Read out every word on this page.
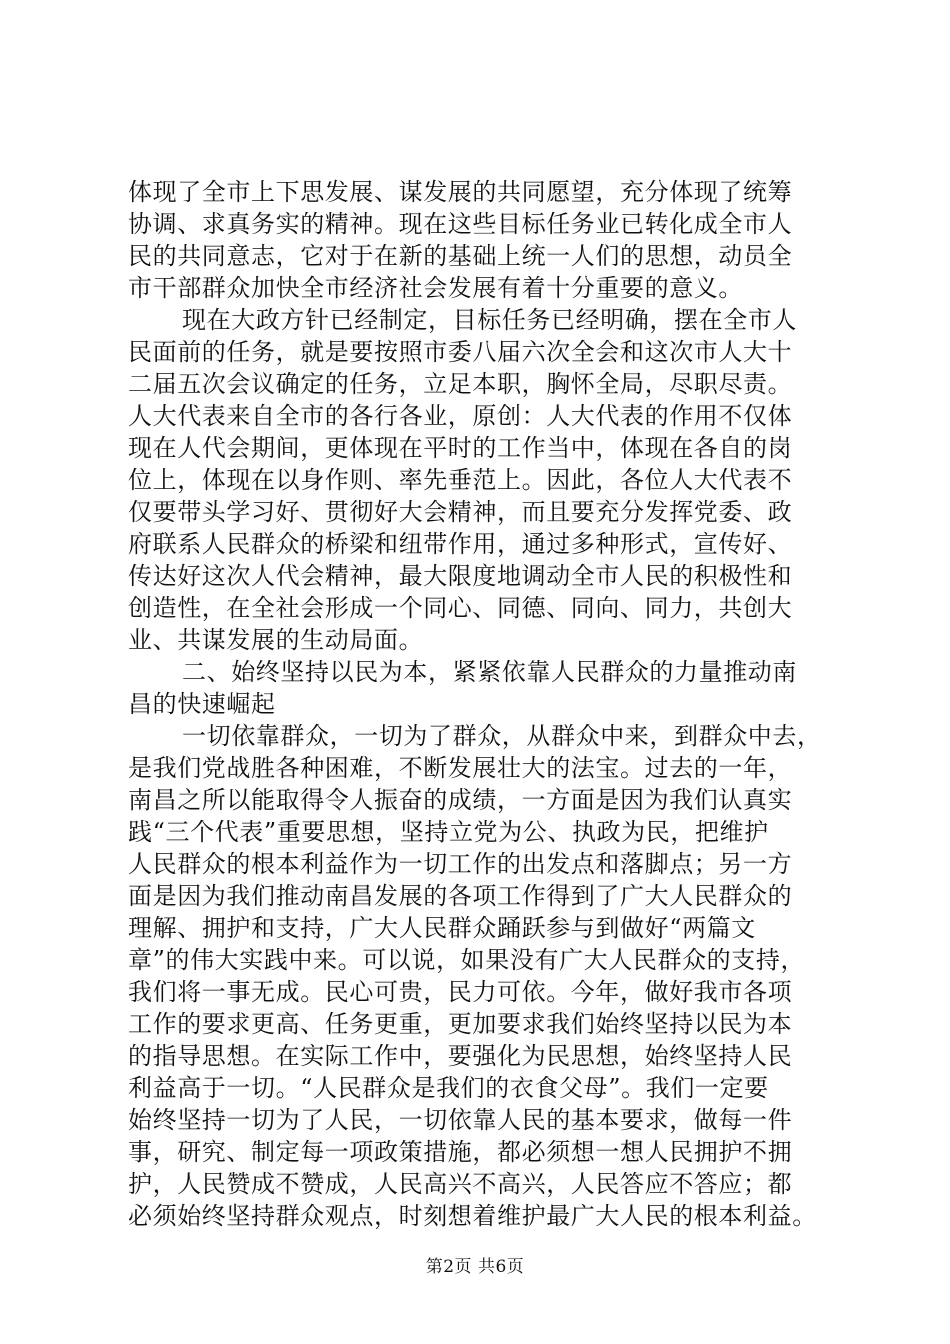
体现了全市上下思发展、谋发展的共同愿望，充分体现了统筹
协调、求真务实的精神。现在这些目标任务业已转化成全市人
民的共同意志，它对于在新的基础上统一人们的思想，动员全
市干部群众加快全市经济社会发展有着十分重要的意义。
现在大政方针已经制定，目标任务已经明确，摆在全市人
民面前的任务，就是要按照市委八届六次全会和这次市人大十
二届五次会议确定的任务，立足本职，胸怀全局，尽职尽责。
人大代表来自全市的各行各业，原创：人大代表的作用不仅体
现在人代会期间，更体现在平时的工作当中，体现在各自的岗
位上，体现在以身作则、率先垂范上。因此，各位人大代表不
仅要带头学习好、贯彻好大会精神，而且要充分发挥党委、政
府联系人民群众的桥梁和纽带作用，通过多种形式，宣传好、
传达好这次人代会精神，最大限度地调动全市人民的积极性和
创造性，在全社会形成一个同心、同德、同向、同力，共创大
业、共谋发展的生动局面。
二、始终坚持以民为本，紧紧依靠人民群众的力量推动南
昌的快速崛起
一切依靠群众，一切为了群众，从群众中来，到群众中去，
是我们党战胜各种困难，不断发展壮大的法宝。过去的一年，
南昌之所以能取得令人振奋的成绩，一方面是因为我们认真实
践“三个代表”重要思想，坚持立党为公、执政为民，把维护
人民群众的根本利益作为一切工作的出发点和落脚点；另一方
面是因为我们推动南昌发展的各项工作得到了广大人民群众的
理解、拥护和支持，广大人民群众踊跃参与到做好“两篇文
章”的伟大实践中来。可以说，如果没有广大人民群众的支持，
我们将一事无成。民心可贵，民力可依。今年，做好我市各项
工作的要求更高、任务更重，更加要求我们始终坚持以民为本
的指导思想。在实际工作中，要强化为民思想，始终坚持人民
利益高于一切。“人民群众是我们的衣食父母”。我们一定要
始终坚持一切为了人民，一切依靠人民的基本要求，做每一件
事，研究、制定每一项政策措施，都必须想一想人民拥护不拥
护，人民赞成不赞成，人民高兴不高兴，人民答应不答应；都
必须始终坚持群众观点，时刻想着维护最广大人民的根本利益。
第2页 共6页
